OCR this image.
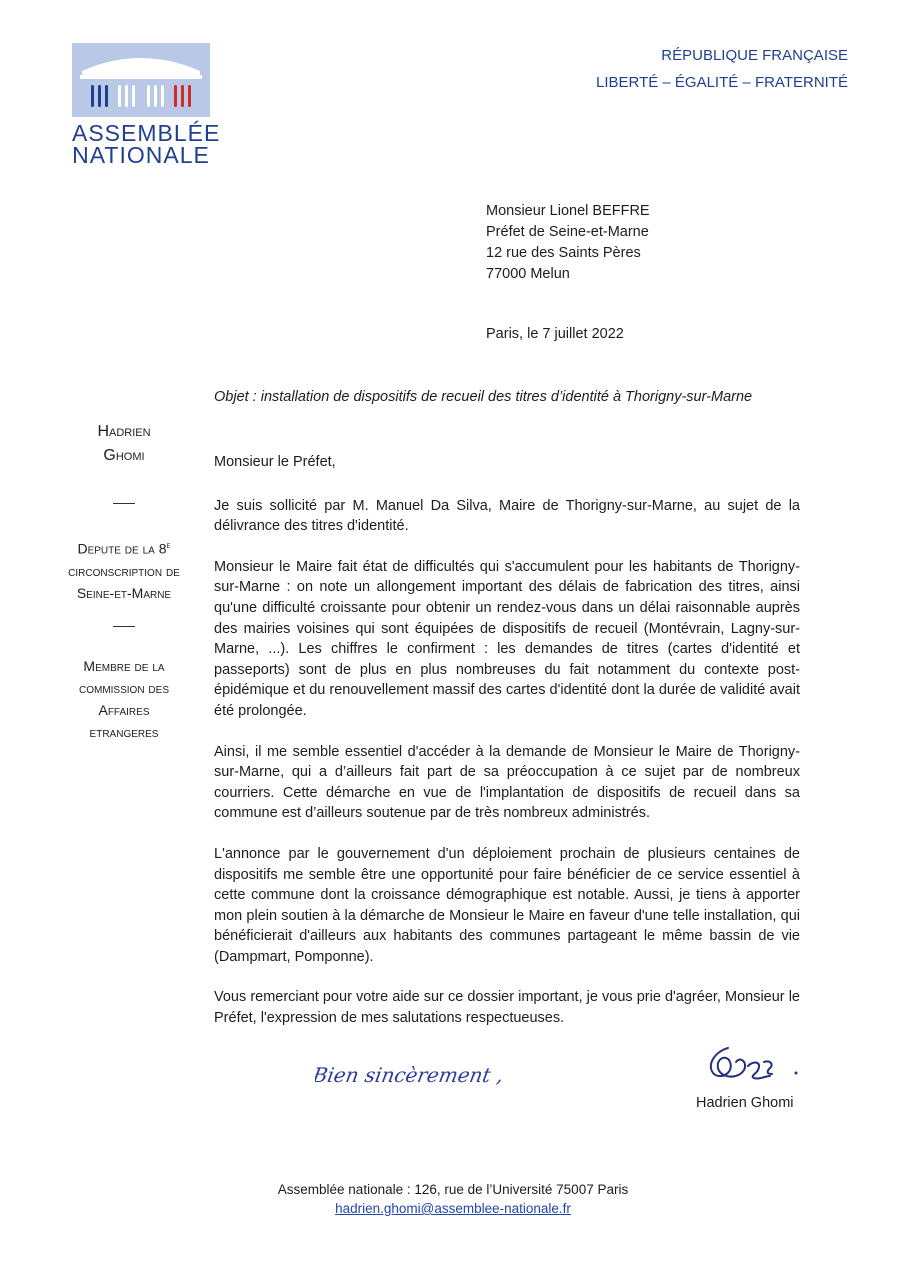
ASSEMBLÉE
NATIONALE
RÉPUBLIQUE FRANÇAISE
LIBERTÉ – ÉGALITÉ – FRATERNITÉ
Monsieur Lionel BEFFRE
Préfet de Seine-et-Marne
12 rue des Saints Pères
77000 Melun
Paris, le 7 juillet 2022
Objet : installation de dispositifs de recueil des titres d’identité à Thorigny-sur-Marne
Hadrien
Ghomi
Depute de la 8e
circonscription de
Seine-et-Marne
Membre de la
commission des
Affaires
etrangeres

Monsieur le Préfet,

Je suis sollicité par M. Manuel Da Silva, Maire de Thorigny-sur-Marne, au sujet de la délivrance des titres d'identité.

Monsieur le Maire fait état de difficultés qui s'accumulent pour les habitants de Thorigny-sur-Marne : on note un allongement important des délais de fabrication des titres, ainsi qu'une difficulté croissante pour obtenir un rendez-vous dans un délai raisonnable auprès des mairies voisines qui sont équipées de dispositifs de recueil (Montévrain, Lagny-sur-Marne, ...). Les chiffres le confirment : les demandes de titres (cartes d'identité et passeports) sont de plus en plus nombreuses du fait notamment du contexte post-épidémique et du renouvellement massif des cartes d'identité dont la durée de validité avait été prolongée.

Ainsi, il me semble essentiel d'accéder à la demande de Monsieur le Maire de Thorigny-sur-Marne, qui a d’ailleurs fait part de sa préoccupation à ce sujet par de nombreux courriers. Cette démarche en vue de l'implantation de dispositifs de recueil dans sa commune est d’ailleurs soutenue par de très nombreux administrés.

L'annonce par le gouvernement d'un déploiement prochain de plusieurs centaines de dispositifs me semble être une opportunité pour faire bénéficier de ce service essentiel à cette commune dont la croissance démographique est notable. Aussi, je tiens à apporter mon plein soutien à la démarche de Monsieur le Maire en faveur d'une telle installation, qui bénéficierait d'ailleurs aux habitants des communes partageant le même bassin de vie (Dampmart, Pomponne).

Vous remerciant pour votre aide sur ce dossier important, je vous prie d'agréer, Monsieur le Préfet, l'expression de mes salutations respectueuses.

Bien sincèrement ,
Hadrien Ghomi
Assemblée nationale : 126, rue de l’Université 75007 Paris
hadrien.ghomi@assemblee-nationale.fr
